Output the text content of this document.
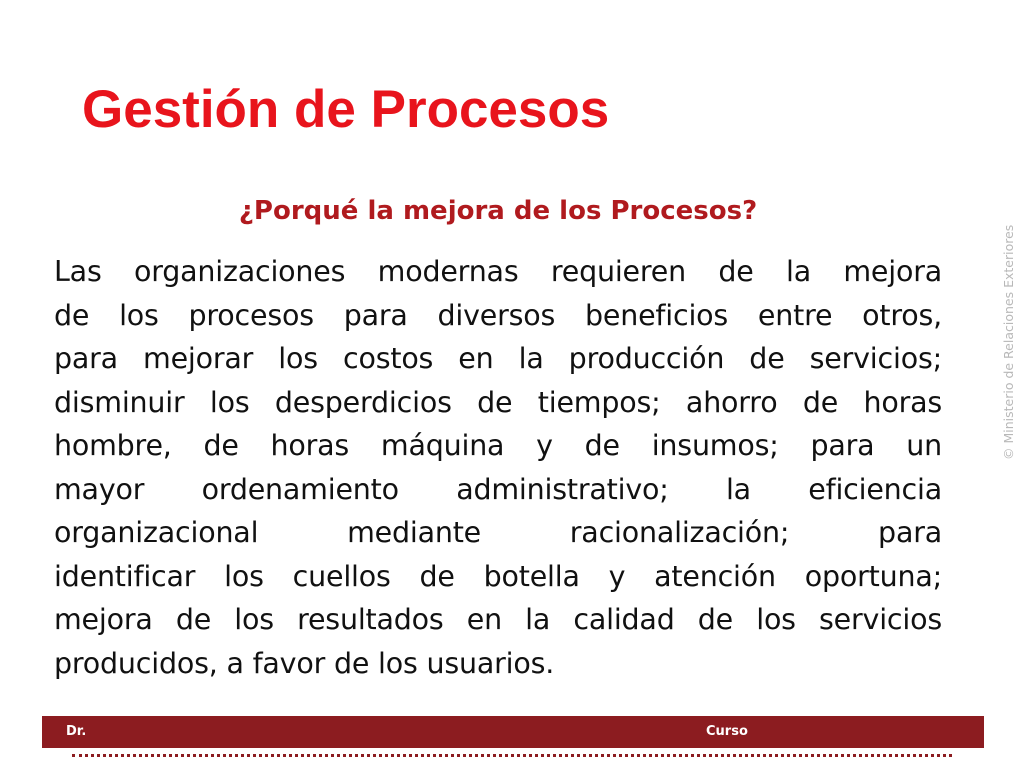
Gestión de Procesos
¿Porqué la mejora de los Procesos?
Las organizaciones modernas requieren de la mejora
de los procesos para diversos beneficios entre otros,
para mejorar los costos en la producción de servicios;
disminuir los desperdicios de tiempos; ahorro de horas
hombre, de horas máquina y de insumos; para un
mayor ordenamiento administrativo; la eficiencia
organizacional mediante racionalización; para
identificar los cuellos de botella y atención oportuna;
mejora de los resultados en la calidad de los servicios
producidos, a favor de los usuarios.
© Ministerio de Relaciones Exteriores
Dr.	Curso
